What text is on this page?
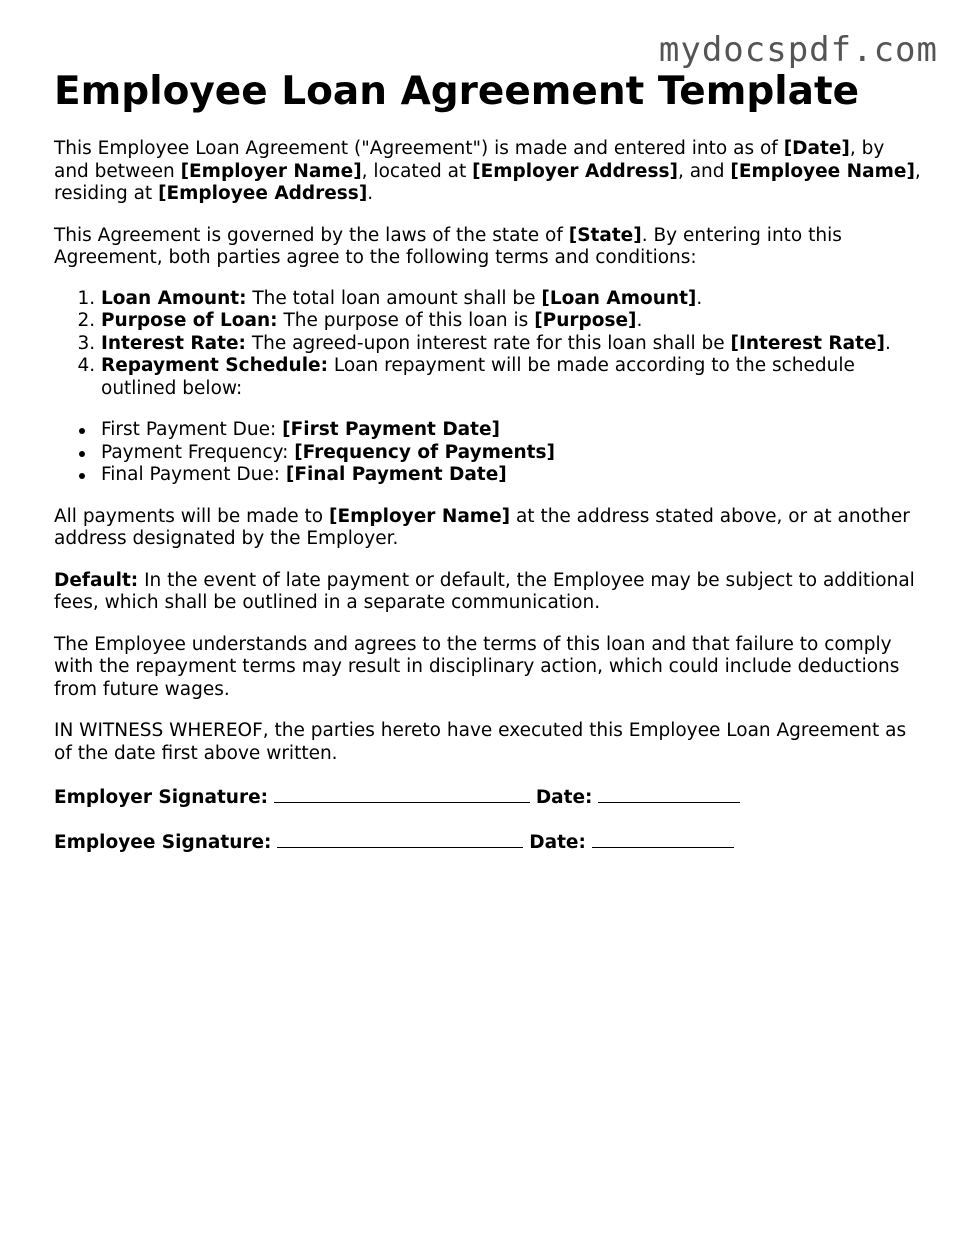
mydocspdf.com
Employee Loan Agreement Template

This Employee Loan Agreement ("Agreement") is made and entered into as of [Date], by and between [Employer Name], located at [Employer Address], and [Employee Name], residing at [Employee Address].

This Agreement is governed by the laws of the state of [State]. By entering into this Agreement, both parties agree to the following terms and conditions:

1. Loan Amount: The total loan amount shall be [Loan Amount].
2. Purpose of Loan: The purpose of this loan is [Purpose].
3. Interest Rate: The agreed-upon interest rate for this loan shall be [Interest Rate].
4. Repayment Schedule: Loan repayment will be made according to the schedule outlined below:
First Payment Due: [First Payment Date]
Payment Frequency: [Frequency of Payments]
Final Payment Due: [Final Payment Date]

All payments will be made to [Employer Name] at the address stated above, or at another address designated by the Employer.

Default: In the event of late payment or default, the Employee may be subject to additional fees, which shall be outlined in a separate communication.

The Employee understands and agrees to the terms of this loan and that failure to comply with the repayment terms may result in disciplinary action, which could include deductions from future wages.

IN WITNESS WHEREOF, the parties hereto have executed this Employee Loan Agreement as of the date first above written.

Employer Signature:	Date:

Employee Signature:	Date:
